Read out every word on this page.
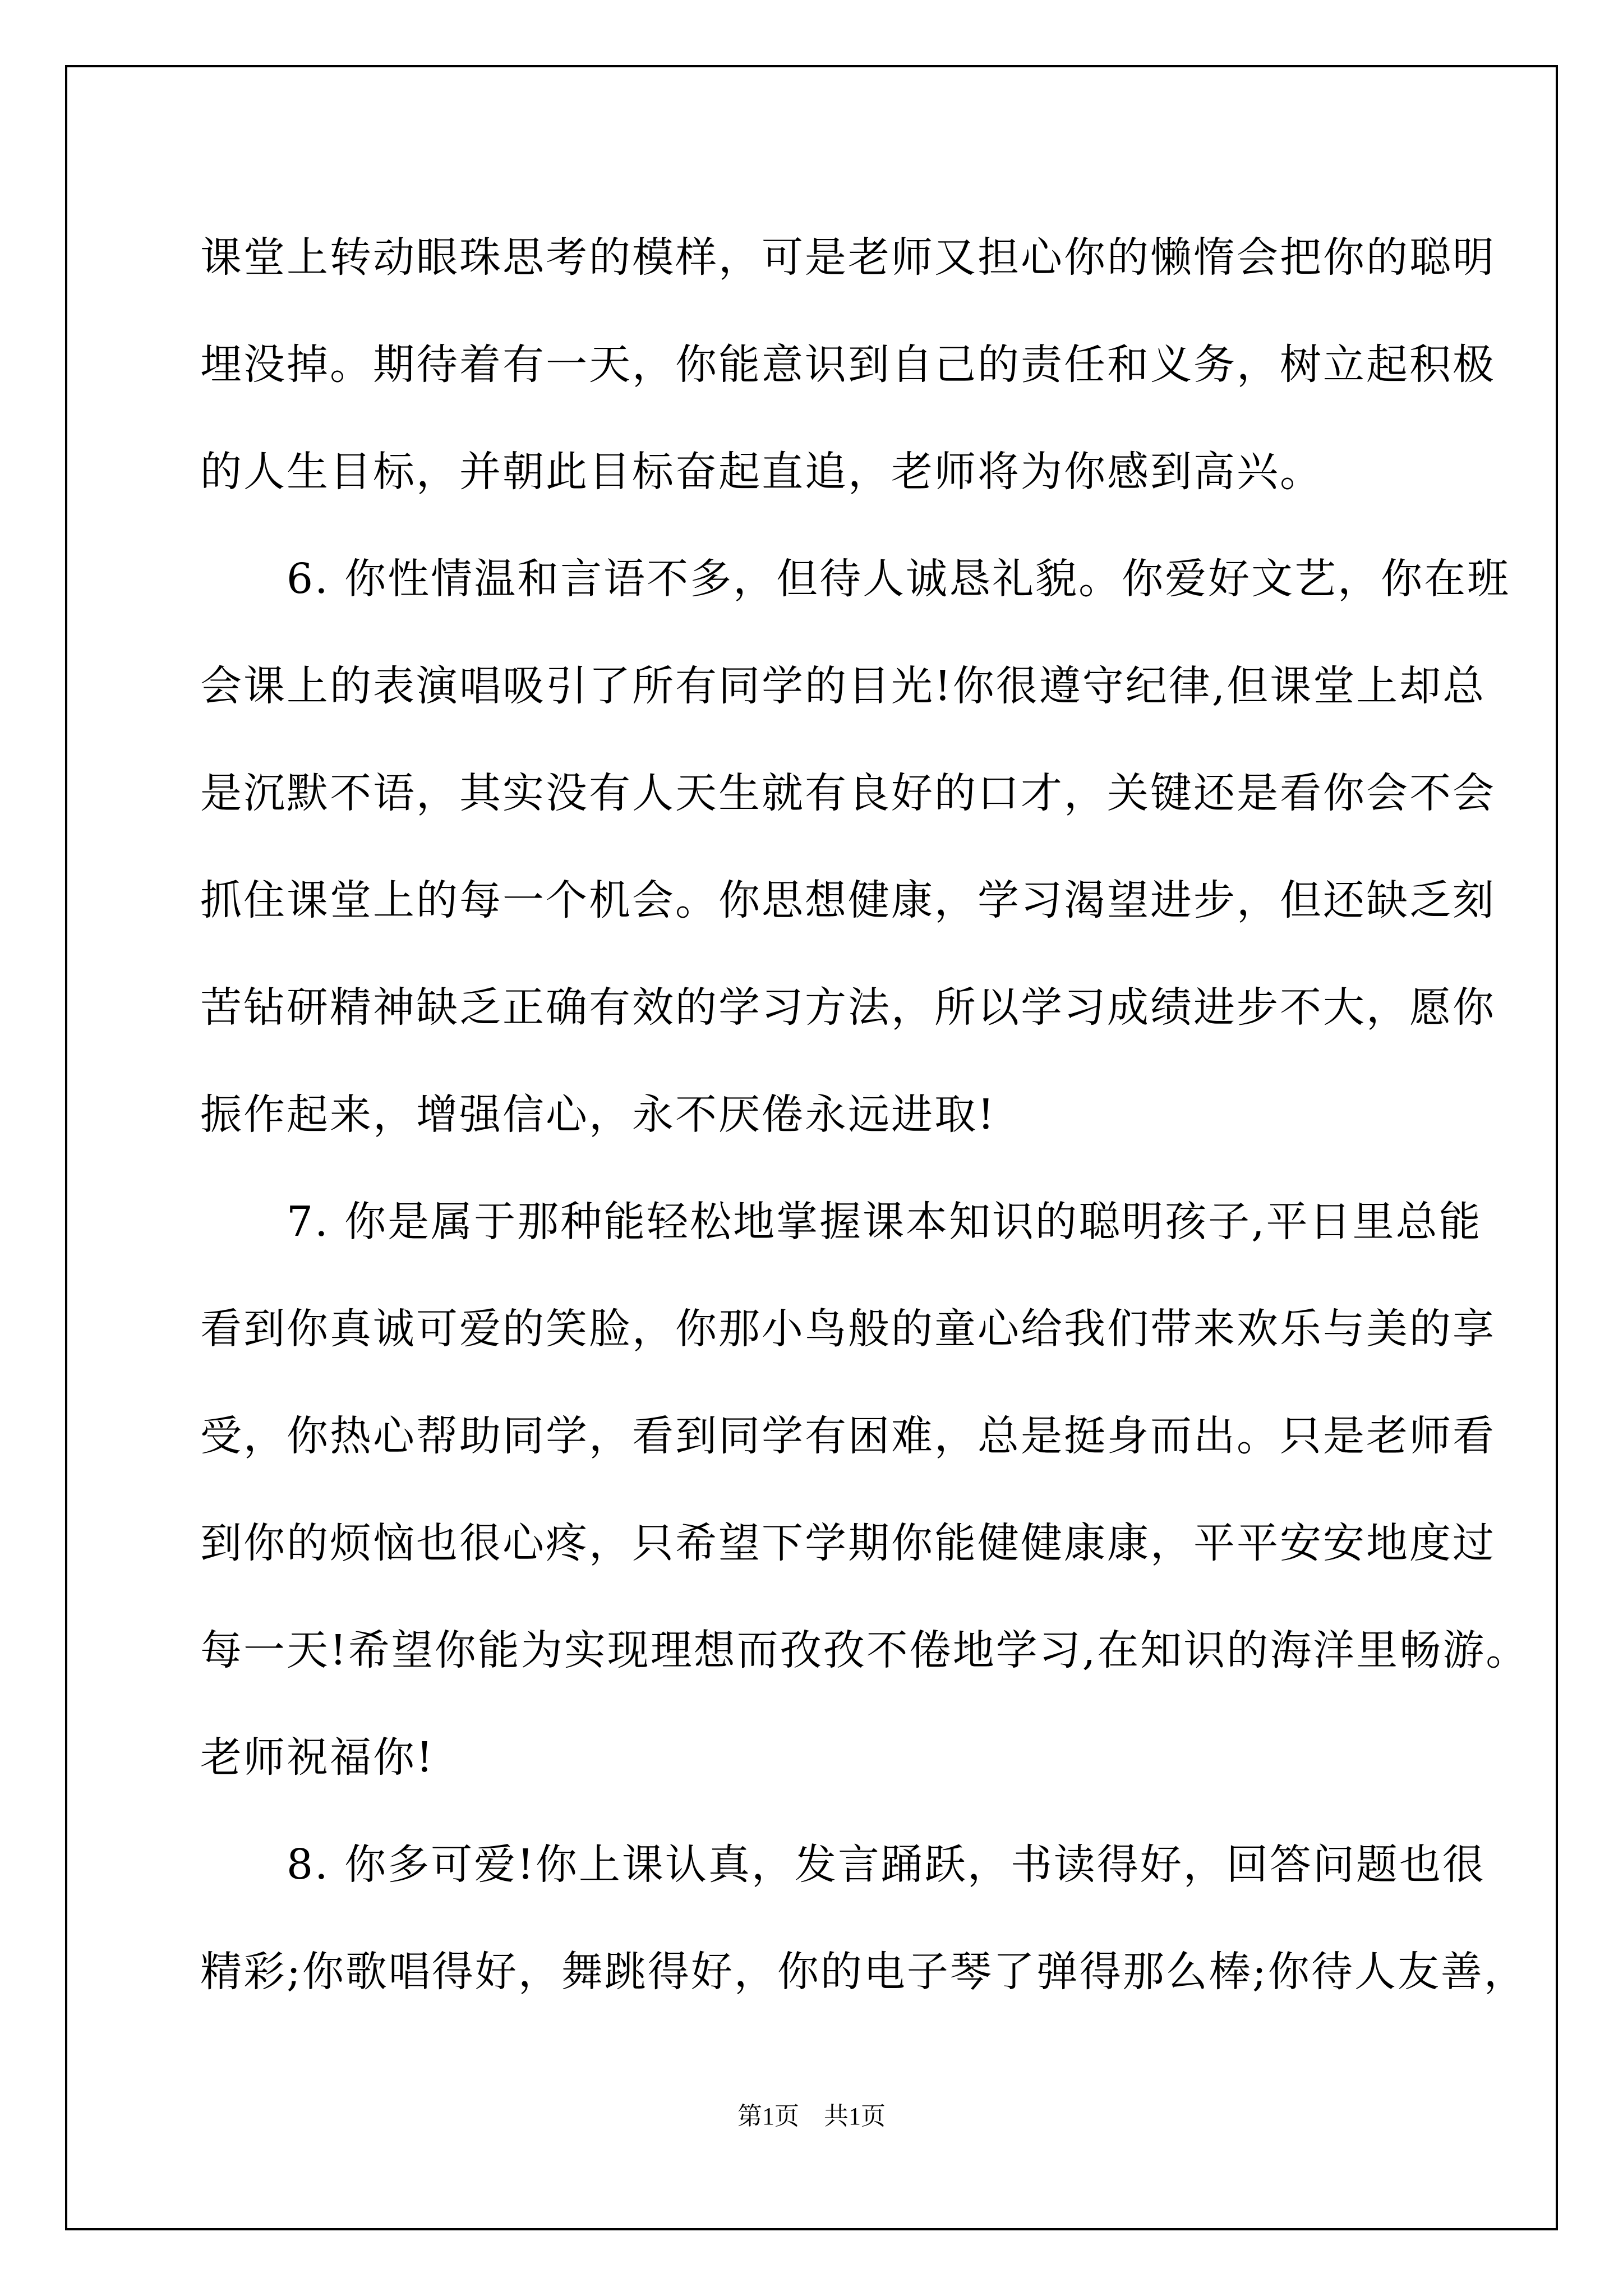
课堂上转动眼珠思考的模样，可是老师又担心你的懒惰会把你的聪明
埋没掉。期待着有一天，你能意识到自己的责任和义务，树立起积极
的人生目标，并朝此目标奋起直追，老师将为你感到高兴。
　　6. 你性情温和言语不多，但待人诚恳礼貌。你爱好文艺，你在班
会课上的表演唱吸引了所有同学的目光!你很遵守纪律,但课堂上却总
是沉默不语，其实没有人天生就有良好的口才，关键还是看你会不会
抓住课堂上的每一个机会。你思想健康，学习渴望进步，但还缺乏刻
苦钻研精神缺乏正确有效的学习方法，所以学习成绩进步不大，愿你
振作起来，增强信心，永不厌倦永远进取!
　　7. 你是属于那种能轻松地掌握课本知识的聪明孩子,平日里总能
看到你真诚可爱的笑脸，你那小鸟般的童心给我们带来欢乐与美的享
受，你热心帮助同学，看到同学有困难，总是挺身而出。只是老师看
到你的烦恼也很心疼，只希望下学期你能健健康康，平平安安地度过
每一天!希望你能为实现理想而孜孜不倦地学习,在知识的海洋里畅游。
老师祝福你!
　　8. 你多可爱!你上课认真，发言踊跃，书读得好，回答问题也很
精彩;你歌唱得好，舞跳得好，你的电子琴了弹得那么棒;你待人友善，
第1页　共1页
